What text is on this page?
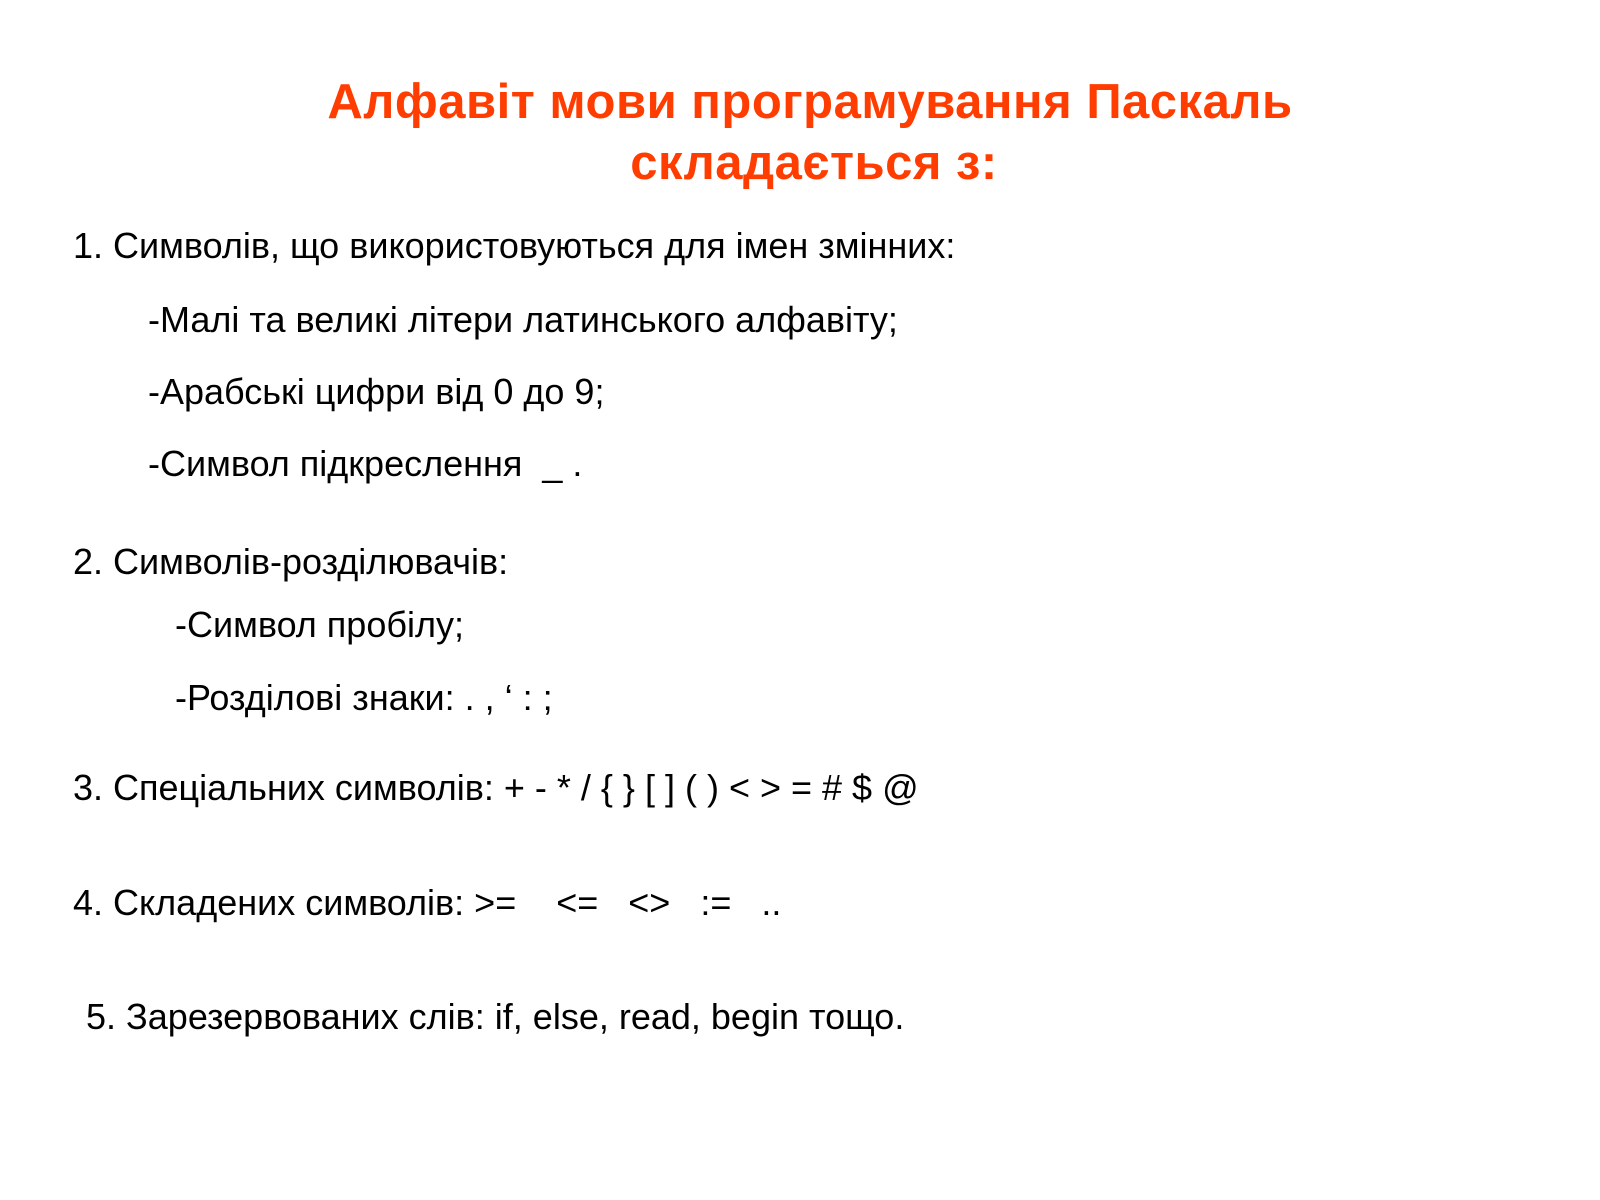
Алфавіт мови програмування Паскаль
складається з:
1. Символів, що використовуються для імен змінних:
-Малі та великі літери латинського алфавіту;
-Арабські цифри від 0 до 9;
-Символ підкреслення  _ .
2. Символів-розділювачів:
-Символ пробілу;
-Розділові знаки: . , ‘ : ;
3. Спеціальних символів: + - * / { } [ ] ( ) < > = # $ @
4. Складених символів: >=    <=   <>   :=   ..
5. Зарезервованих слів: if, else, read, begin тощо.
